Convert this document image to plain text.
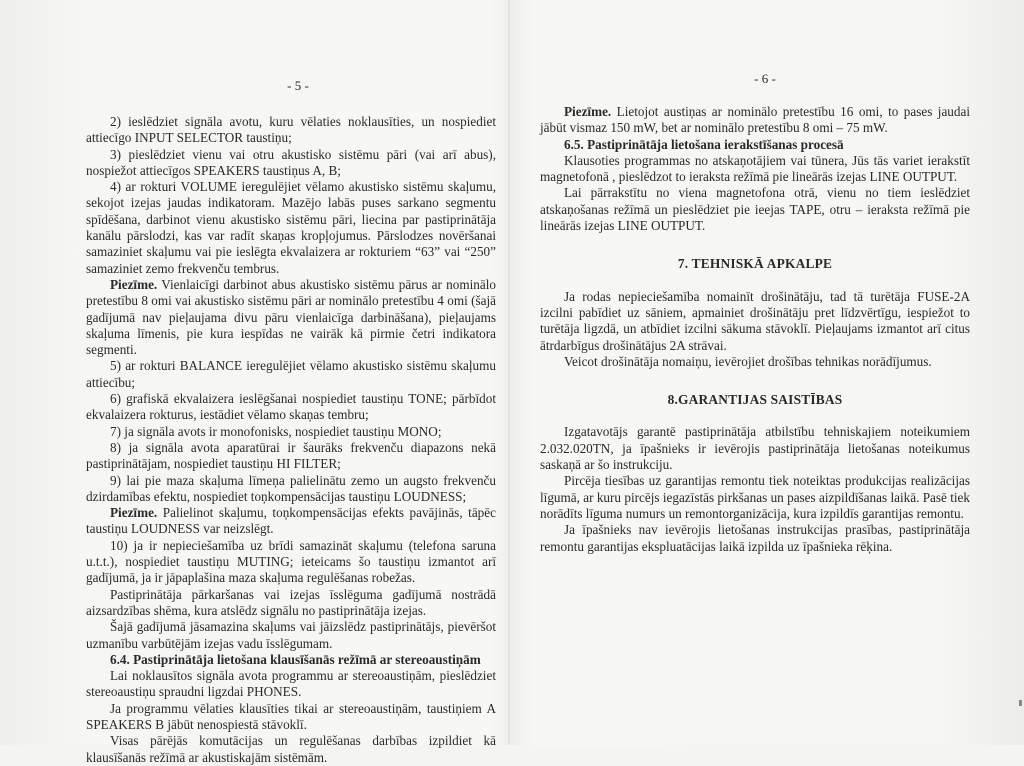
- 5 -

2) ieslēdziet signāla avotu, kuru vēlaties noklausīties, un nospiediet attiecīgo INPUT SELECTOR taustiņu;

3) pieslēdziet vienu vai otru akustisko sistēmu pāri (vai arī abus), nospiežot attiecīgos SPEAKERS taustiņus A, B;

4) ar rokturi VOLUME ieregulējiet vēlamo akustisko sistēmu skaļumu, sekojot izejas jaudas indikatoram. Mazējo labās puses sarkano segmentu spīdēšana, darbinot vienu akustisko sistēmu pāri, liecina par pastiprinātāja kanālu pārslodzi, kas var radīt skaņas kropļojumus. Pārslodzes novēršanai samaziniet skaļumu vai pie ieslēgta ekvalaizera ar rokturiem “63” vai “250” samaziniet zemo frekvenču tembrus.

Piezīme. Vienlaicīgi darbinot abus akustisko sistēmu pārus ar nominālo pretestību 8 omi vai akustisko sistēmu pāri ar nominālo pretestību 4 omi (šajā gadījumā nav pieļaujama divu pāru vienlaicīga darbināšana), pieļaujams skaļuma līmenis, pie kura iespīdas ne vairāk kā pirmie četri indikatora segmenti.

5) ar rokturi BALANCE ieregulējiet vēlamo akustisko sistēmu skaļumu attiecību;

6) grafiskā ekvalaizera ieslēgšanai nospiediet taustiņu TONE; pārbīdot ekvalaizera rokturus, iestādiet vēlamo skaņas tembru;

7) ja signāla avots ir monofonisks, nospiediet taustiņu MONO;

8) ja signāla avota aparatūrai ir šaurāks frekvenču diapazons nekā pastiprinātājam, nospiediet taustiņu HI FILTER;

9) lai pie maza skaļuma līmeņa palielinātu zemo un augsto frekvenču dzirdamības efektu, nospiediet toņkompensācijas taustiņu LOUDNESS;

Piezīme. Palielinot skaļumu, toņkompensācijas efekts pavājinās, tāpēc taustiņu LOUDNESS var neizslēgt.

10) ja ir nepieciešamība uz brīdi samazināt skaļumu (telefona saruna u.t.t.), nospiediet taustiņu MUTING; ieteicams šo taustiņu izmantot arī gadījumā, ja ir jāpaplašina maza skaļuma regulēšanas robežas.

Pastiprinātāja pārkaršanas vai izejas īsslēguma gadījumā nostrādā aizsardzības shēma, kura atslēdz signālu no pastiprinātāja izejas.

Šajā gadījumā jāsamazina skaļums vai jāizslēdz pastiprinātājs, pievēršot uzmanību varbūtējām izejas vadu īsslēgumam.

6.4. Pastiprinātāja lietošana klausīšanās režīmā ar stereoaustiņām

Lai noklausītos signāla avota programmu ar stereoaustiņām, pieslēdziet stereoaustiņu spraudni ligzdai PHONES.

Ja programmu vēlaties klausīties tikai ar stereoaustiņām, taustiņiem A SPEAKERS B jābūt nenospiestā stāvoklī.

Visas pārējās komutācijas un regulēšanas darbības izpildiet kā klausīšanās režīmā ar akustiskajām sistēmām.

- 6 -

Piezīme. Lietojot austiņas ar nominālo pretestību 16 omi, to pases jaudai jābūt vismaz 150 mW, bet ar nominālo pretestību 8 omi – 75 mW.

6.5. Pastiprinātāja lietošana ierakstīšanas procesā

Klausoties programmas no atskaņotājiem vai tūnera, Jūs tās variet ierakstīt magnetofonā , pieslēdzot to ieraksta režīmā pie lineārās izejas LINE OUTPUT.

Lai pārrakstītu no viena magnetofona otrā, vienu no tiem ieslēdziet atskaņošanas režīmā un pieslēdziet pie ieejas TAPE, otru – ieraksta režīmā pie lineārās izejas LINE OUTPUT.

7. TEHNISKĀ APKALPE

Ja rodas nepieciešamība nomainīt drošinātāju, tad tā turētāja FUSE-2A izcilni pabīdiet uz sāniem, apmainiet drošinātāju pret līdzvērtīgu, iespiežot to turētāja ligzdā, un atbīdiet izcilni sākuma stāvoklī. Pieļaujams izmantot arī citus ātrdarbīgus drošinātājus 2A strāvai.

Veicot drošinātāja nomaiņu, ievērojiet drošības tehnikas norādījumus.

8.GARANTIJAS SAISTĪBAS

Izgatavotājs garantē pastiprinātāja atbilstību tehniskajiem noteikumiem 2.032.020TN, ja īpašnieks ir ievērojis pastiprinātāja lietošanas noteikumus saskaņā ar šo instrukciju.

Pircēja tiesības uz garantijas remontu tiek noteiktas produkcijas realizācijas līgumā, ar kuru pircējs iegazīstās pirkšanas un pases aizpildīšanas laikā. Pasē tiek norādīts līguma numurs un remontorganizācija, kura izpildīs garantijas remontu.

Ja īpašnieks nav ievērojis lietošanas instrukcijas prasības, pastiprinātāja remontu garantijas ekspluatācijas laikā izpilda uz īpašnieka rēķina.
